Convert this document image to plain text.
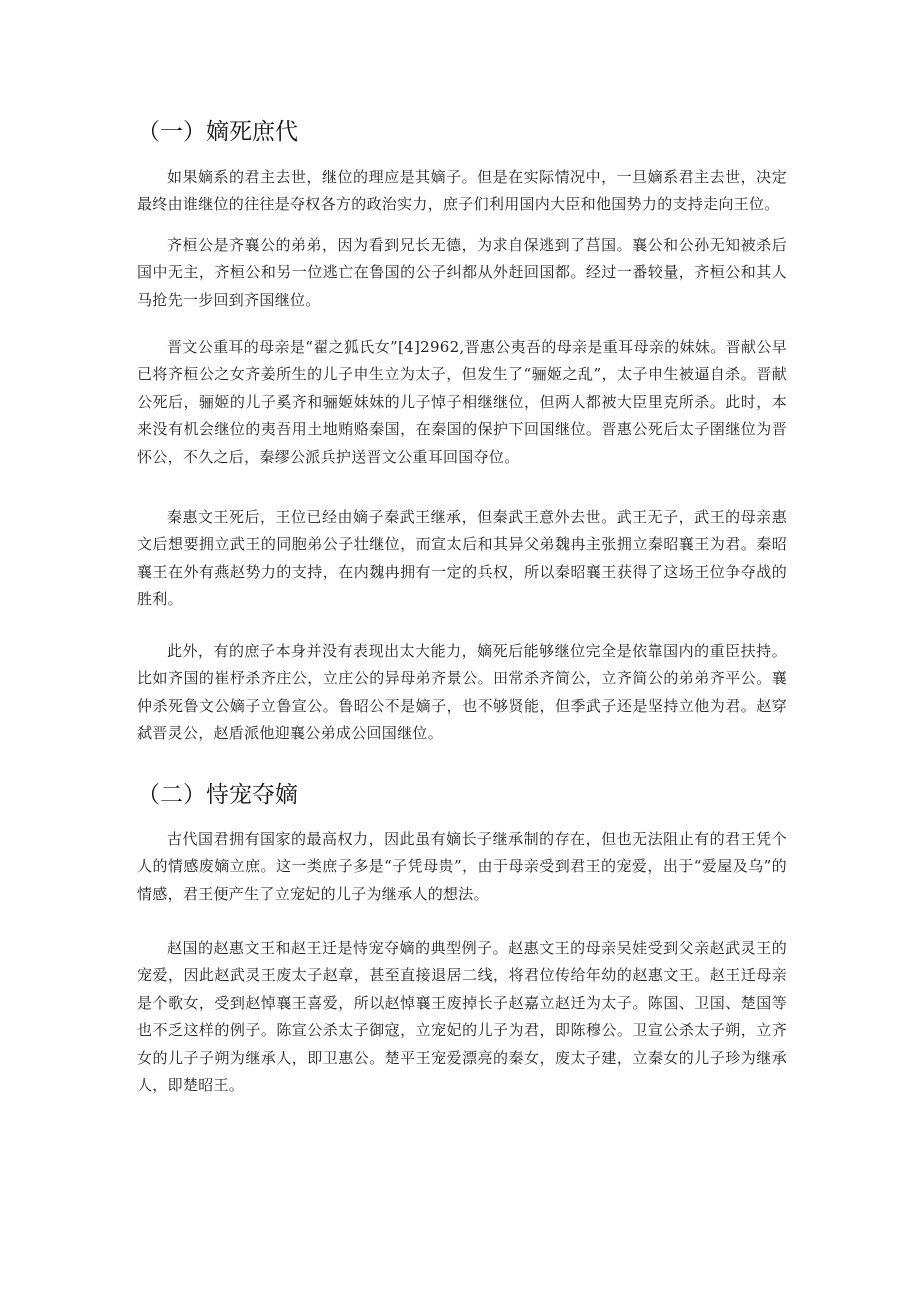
（一）嫡死庶代

如果嫡系的君主去世，继位的理应是其嫡子。但是在实际情况中，一旦嫡系君主去世，决定最终由谁继位的往往是夺权各方的政治实力，庶子们利用国内大臣和他国势力的支持走向王位。

齐桓公是齐襄公的弟弟，因为看到兄长无德，为求自保逃到了莒国。襄公和公孙无知被杀后国中无主，齐桓公和另一位逃亡在鲁国的公子纠都从外赶回国都。经过一番较量，齐桓公和其人马抢先一步回到齐国继位。

晋文公重耳的母亲是“翟之狐氏女”[4]2962,晋惠公夷吾的母亲是重耳母亲的妹妹。晋献公早已将齐桓公之女齐姜所生的儿子申生立为太子，但发生了“骊姬之乱”，太子申生被逼自杀。晋献公死后，骊姬的儿子奚齐和骊姬妹妹的儿子悼子相继继位，但两人都被大臣里克所杀。此时，本来没有机会继位的夷吾用土地贿赂秦国，在秦国的保护下回国继位。晋惠公死后太子圉继位为晋怀公，不久之后，秦缪公派兵护送晋文公重耳回国夺位。

秦惠文王死后，王位已经由嫡子秦武王继承，但秦武王意外去世。武王无子，武王的母亲惠文后想要拥立武王的同胞弟公子壮继位，而宣太后和其异父弟魏冉主张拥立秦昭襄王为君。秦昭襄王在外有燕赵势力的支持，在内魏冉拥有一定的兵权，所以秦昭襄王获得了这场王位争夺战的胜利。

此外，有的庶子本身并没有表现出太大能力，嫡死后能够继位完全是依靠国内的重臣扶持。比如齐国的崔杼杀齐庄公，立庄公的异母弟齐景公。田常杀齐简公，立齐简公的弟弟齐平公。襄仲杀死鲁文公嫡子立鲁宣公。鲁昭公不是嫡子，也不够贤能，但季武子还是坚持立他为君。赵穿弑晋灵公，赵盾派他迎襄公弟成公回国继位。

（二）恃宠夺嫡

古代国君拥有国家的最高权力，因此虽有嫡长子继承制的存在，但也无法阻止有的君王凭个人的情感废嫡立庶。这一类庶子多是“子凭母贵”，由于母亲受到君王的宠爱，出于“爱屋及乌”的情感，君王便产生了立宠妃的儿子为继承人的想法。

赵国的赵惠文王和赵王迁是恃宠夺嫡的典型例子。赵惠文王的母亲吴娃受到父亲赵武灵王的宠爱，因此赵武灵王废太子赵章，甚至直接退居二线，将君位传给年幼的赵惠文王。赵王迁母亲是个歌女，受到赵悼襄王喜爱，所以赵悼襄王废掉长子赵嘉立赵迁为太子。陈国、卫国、楚国等也不乏这样的例子。陈宣公杀太子御寇，立宠妃的儿子为君，即陈穆公。卫宣公杀太子朔，立齐女的儿子子朔为继承人，即卫惠公。楚平王宠爱漂亮的秦女，废太子建，立秦女的儿子珍为继承人，即楚昭王。
